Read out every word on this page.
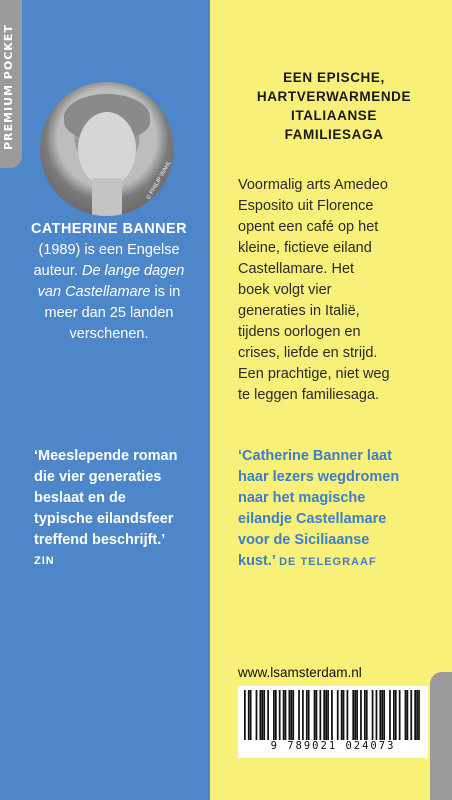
PREMIUM POCKET
© PHILIP WAHL
CATHERINE BANNER
(1989) is een Engelse
auteur. De lange dagen
van Castellamare is in
meer dan 25 landen
verschenen.
‘Meeslepende roman
die vier generaties
beslaat en de
typische eilandsfeer
treffend beschrijft.’
ZIN
EEN EPISCHE,
HARTVERWARMENDE
ITALIAANSE
FAMILIESAGA
Voormalig arts Amedeo
Esposito uit Florence
opent een café op het
kleine, fictieve eiland
Castellamare. Het
boek volgt vier
generaties in Italië,
tijdens oorlogen en
crises, liefde en strijd.
Een prachtige, niet weg
te leggen familiesaga.
‘Catherine Banner laat
haar lezers wegdromen
naar het magische
eilandje Castellamare
voor de Siciliaanse
kust.’ DE TELEGRAAF
www.lsamsterdam.nl
9 789021 024073
